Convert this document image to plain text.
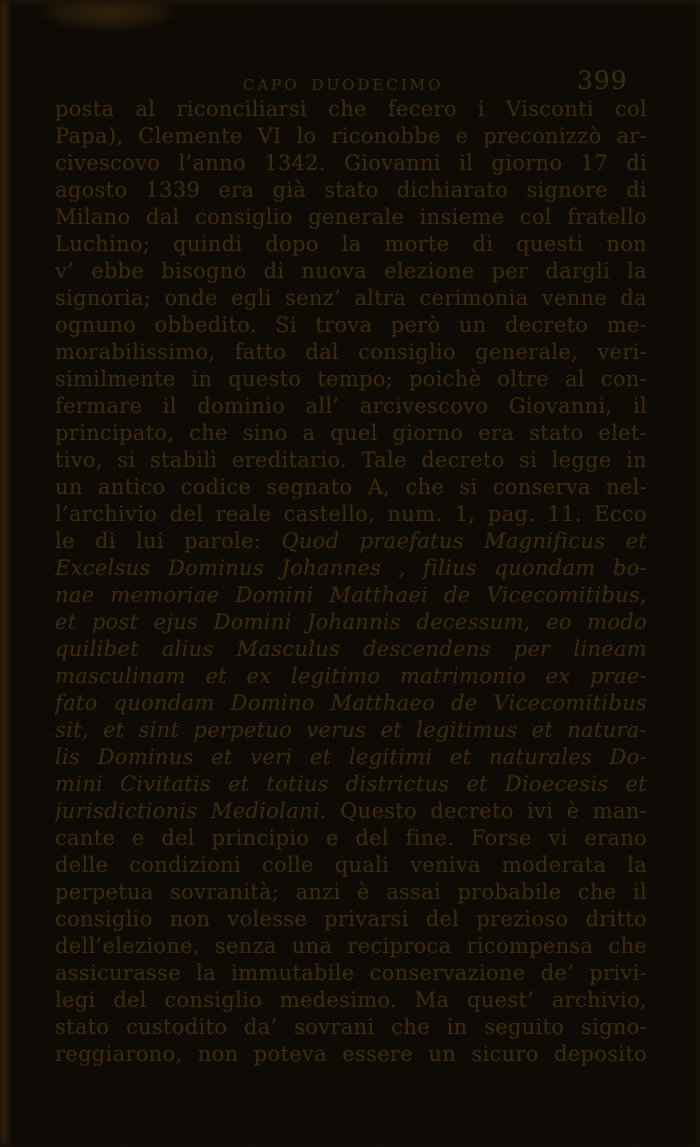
CAPO DUODECIMO	399
posta al riconciliarsi che fecero i Visconti col
Papa), Clemente VI lo riconobbe e preconizzò ar-
civescovo l’anno 1342. Giovanni il giorno 17 di
agosto 1339 era già stato dichiarato signore di
Milano dal consiglio generale insieme col fratello
Luchino; quindi dopo la morte di questi non
v’ ebbe bisogno di nuova elezione per dargli la
signoria; onde egli senz’ altra cerimonia venne da
ognuno obbedito. Si trova però un decreto me-
morabilissimo, fatto dal consiglio generale, veri-
similmente in questo tempo; poichè oltre al con-
fermare il dominio all’ arcivescovo Giovanni, il
principato, che sino a quel giorno era stato elet-
tivo, si stabilì ereditario. Tale decreto si legge in
un antico codice segnato A, che si conserva nel-
l’archivio del reale castello, num. 1, pag. 11. Ecco
le di lui parole: Quod praefatus Magnificus et
Excelsus Dominus Johannes , filius quondam bo-
nae memoriae Domini Matthaei de Vicecomitibus,
et post ejus Domini Johannis decessum, eo modo
quilibet alius Masculus descendens per lineam
masculinam et ex legitimo matrimonio ex prae-
fato quondam Domino Matthaeo de Vicecomitibus
sit, et sint perpetuo verus et legitimus et natura-
lis Dominus et veri et legitimi et naturales Do-
mini Civitatis et totius districtus et Dioecesis et
jurisdictionis Mediolani. Questo decreto ivi è man-
cante e del principio e del fine. Forse vi erano
delle condizioni colle quali veniva moderata la
perpetua sovranità; anzi è assai probabile che il
consiglio non volesse privarsi del prezioso dritto
dell’elezione, senza una reciproca ricompensa che
assicurasse la immutabile conservazione de’ privi-
legi del consiglio medesimo. Ma quest’ archivio,
stato custodito da’ sovrani che in seguito signo-
reggiarono, non poteva essere un sicuro deposito
